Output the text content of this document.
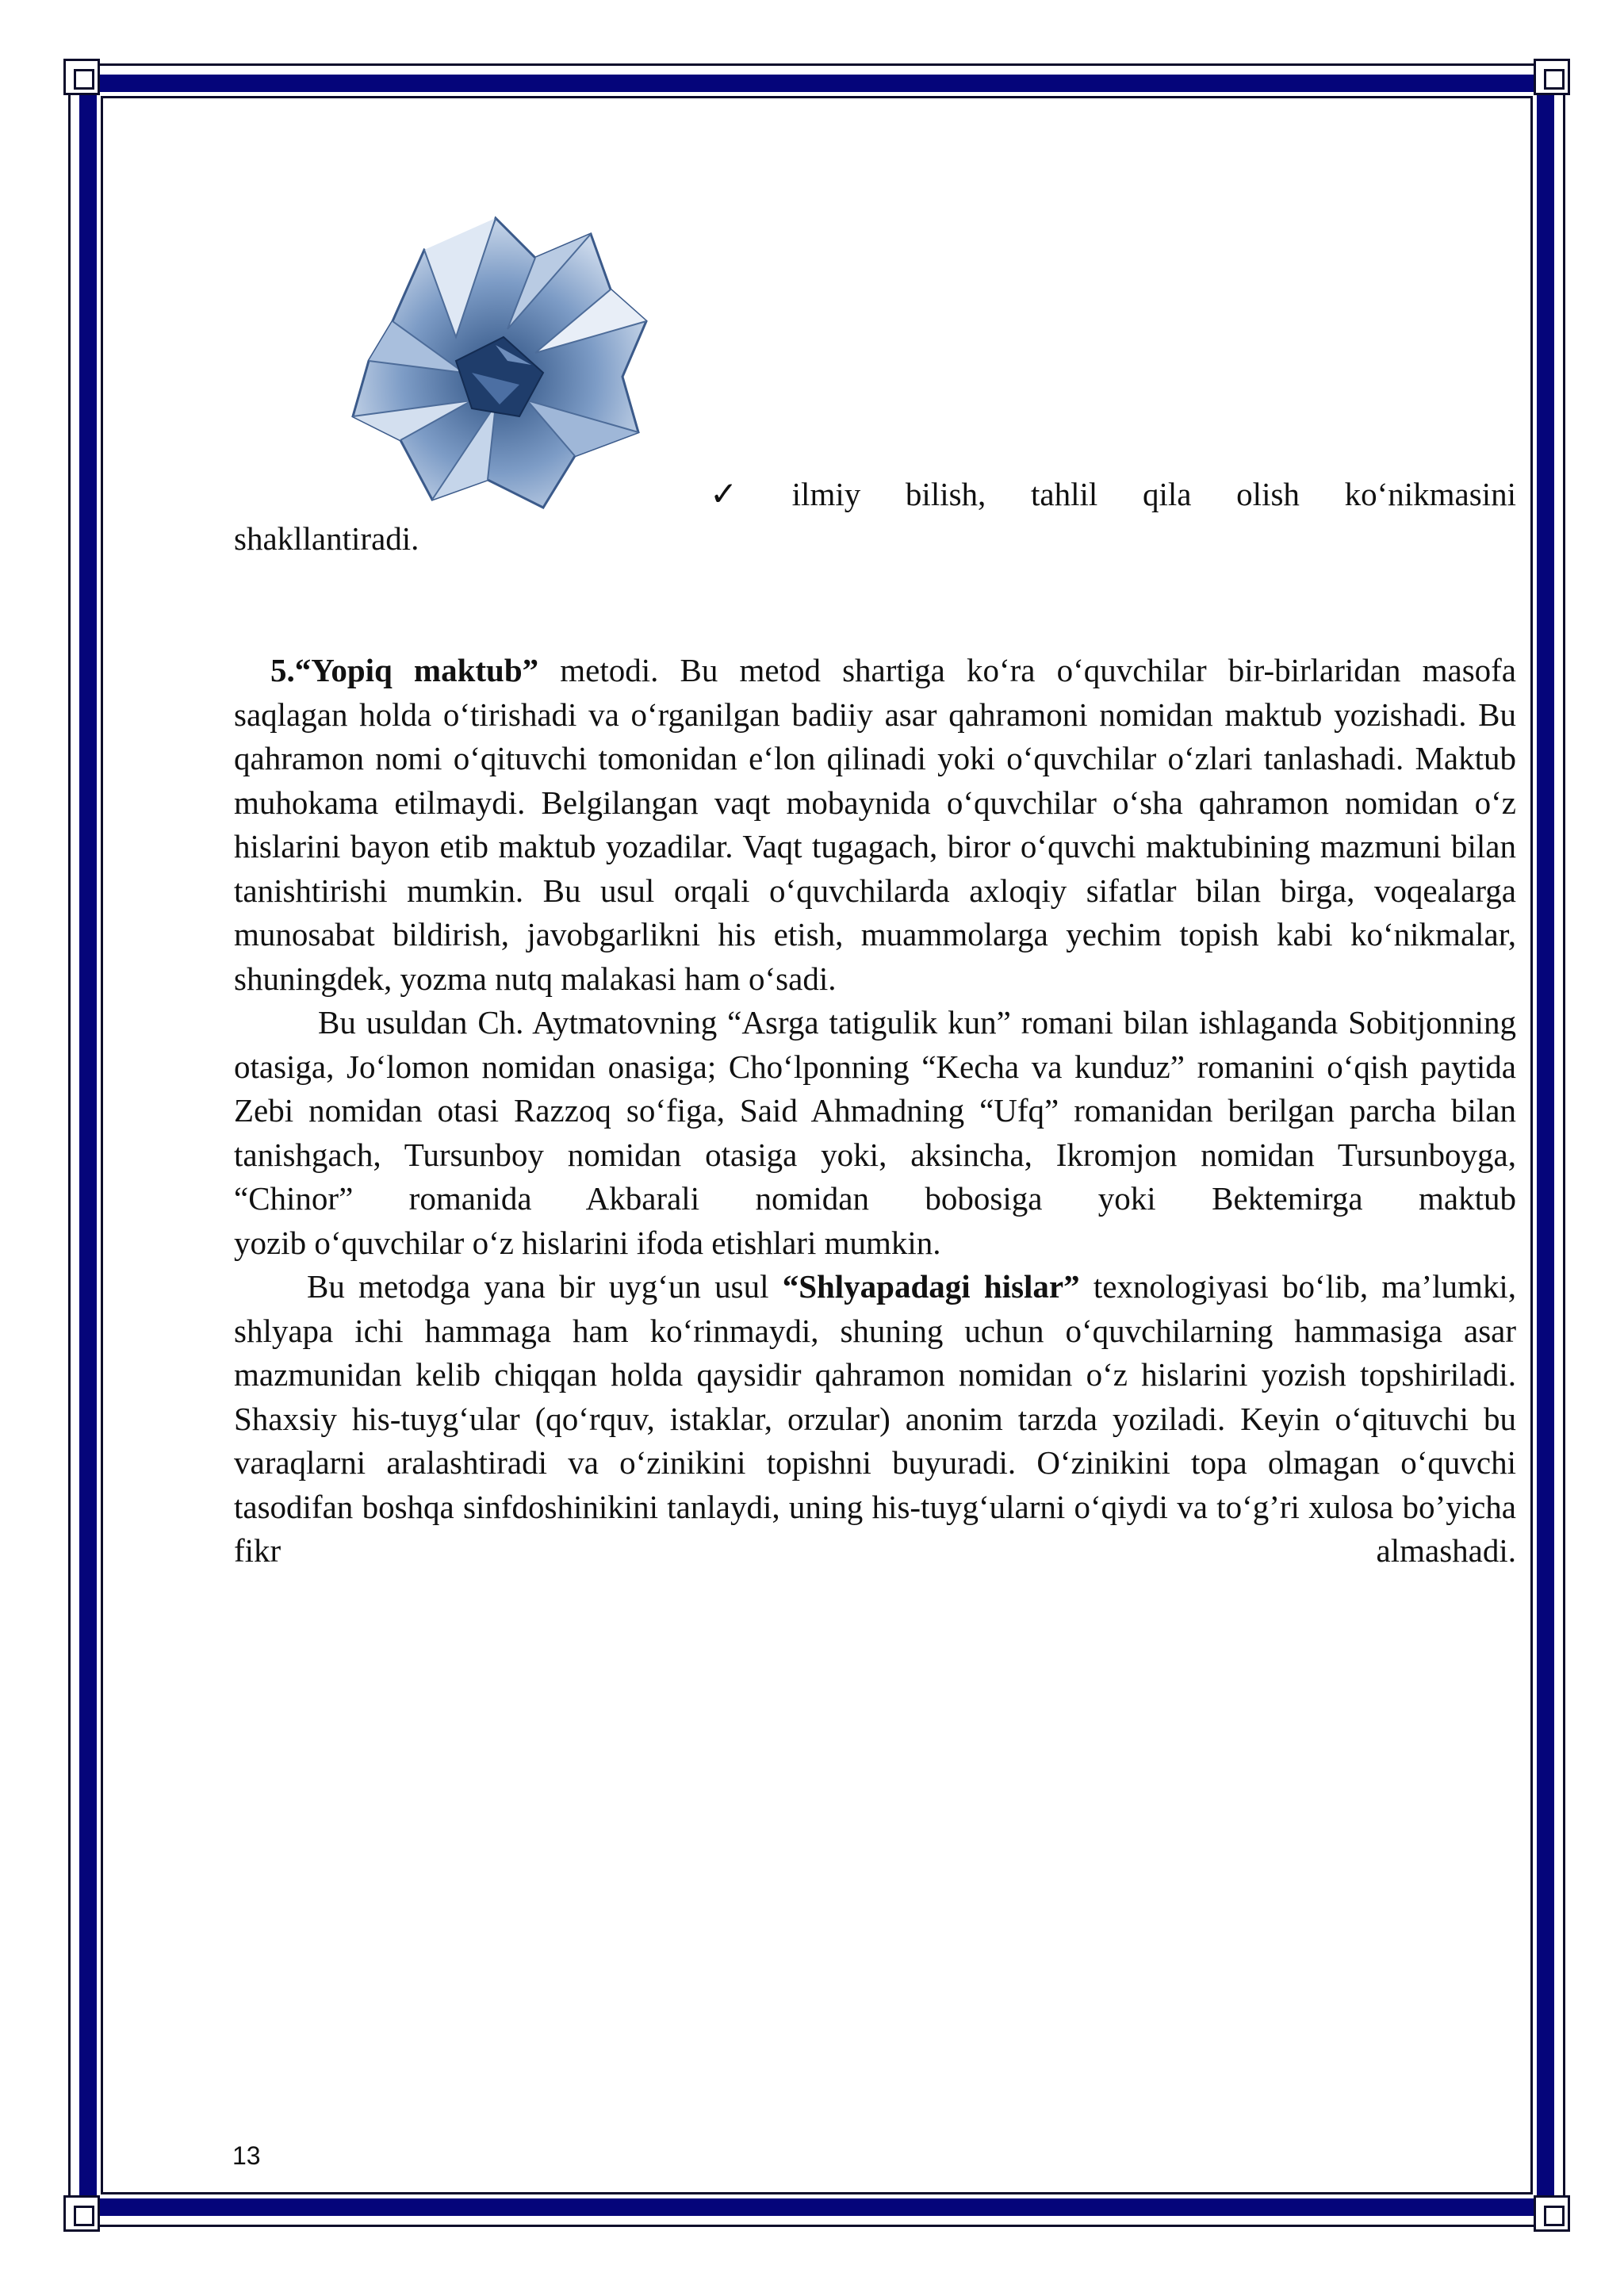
✓ ilmiy bilish, tahlil qila olish ko‘nikmasini
shakllantiradi.

5.“Yopiq maktub” metodi. Bu metod shartiga ko‘ra o‘quvchilar bir-birlaridan masofa saqlagan holda o‘tirishadi va o‘rganilgan badiiy asar qahramoni nomidan maktub yozishadi. Bu qahramon nomi o‘qituvchi tomonidan e‘lon qilinadi yoki o‘quvchilar o‘zlari tanlashadi. Maktub muhokama etilmaydi. Belgilangan vaqt mobaynida o‘quvchilar o‘sha qahramon nomidan o‘z hislarini bayon etib maktub yozadilar. Vaqt tugagach, biror o‘quvchi maktubining mazmuni bilan tanishtirishi mumkin. Bu usul orqali o‘quvchilarda axloqiy sifatlar bilan birga, voqealarga munosabat bildirish, javobgarlikni his etish, muammolarga yechim topish kabi ko‘nikmalar,

shuningdek, yozma nutq malakasi ham o‘sadi.

Bu usuldan Ch. Aytmatovning “Asrga tatigulik kun” romani bilan ishlaganda Sobitjonning otasiga, Jo‘lomon nomidan onasiga; Cho‘lponning “Kecha va kunduz” romanini o‘qish paytida Zebi nomidan otasi Razzoq so‘figa, Said Ahmadning “Ufq” romanidan berilgan parcha bilan tanishgach, Tursunboy nomidan otasiga yoki, aksincha, Ikromjon nomidan Tursunboyga, “Chinor” romanida Akbarali nomidan bobosiga yoki Bektemirga maktub

yozib o‘quvchilar o‘z hislarini ifoda etishlari mumkin.

Bu metodga yana bir uyg‘un usul “Shlyapadagi hislar” texnologiyasi bo‘lib, ma’lumki, shlyapa ichi hammaga ham ko‘rinmaydi, shuning uchun o‘quvchilarning hammasiga asar mazmunidan kelib chiqqan holda qaysidir qahramon nomidan o‘z hislarini yozish topshiriladi. Shaxsiy his-tuyg‘ular (qo‘rquv, istaklar, orzular) anonim tarzda yoziladi. Keyin o‘qituvchi bu varaqlarni aralashtiradi va o‘zinikini topishni buyuradi. O‘zinikini topa olmagan o‘quvchi tasodifan boshqa sinfdoshinikini tanlaydi, uning his-tuyg‘ularni o‘qiydi va to‘g’ri xulosa bo’yicha fikr almashadi.

13
